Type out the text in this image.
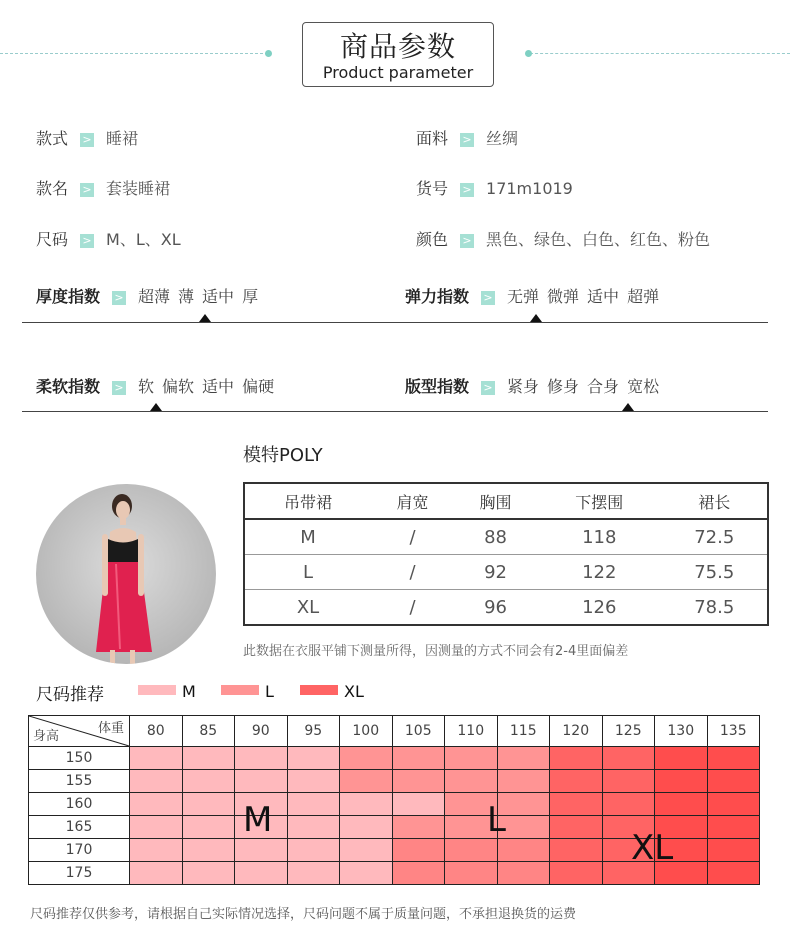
商品参数
Product parameter
款式 > 睡裙	面料 > 丝绸
款名 > 套装睡裙	货号 > 171m1019
尺码 > M、L、XL	颜色 > 黑色、绿色、白色、红色、粉色
厚度指数 > 超薄 薄 适中 厚	弹力指数 > 无弹 微弹 适中 超弹
柔软指数 > 软 偏软 适中 偏硬	版型指数 > 紧身 修身 合身 宽松
模特POLY
吊带裙	肩宽	胸围	下摆围	裙长
M	/	88	118	72.5
L	/	92	122	75.5
XL	/	96	126	78.5
此数据在衣服平铺下测量所得，因测量的方式不同会有2-4里面偏差
尺码推荐	M	L	XL
体重
身高	80	85	90	95	100	105	110	115	120	125	130	135
150												
155												
160												
165												
170												
175												
M	L
XL
尺码推荐仅供参考，请根据自己实际情况选择，尺码问题不属于质量问题，不承担退换货的运费
